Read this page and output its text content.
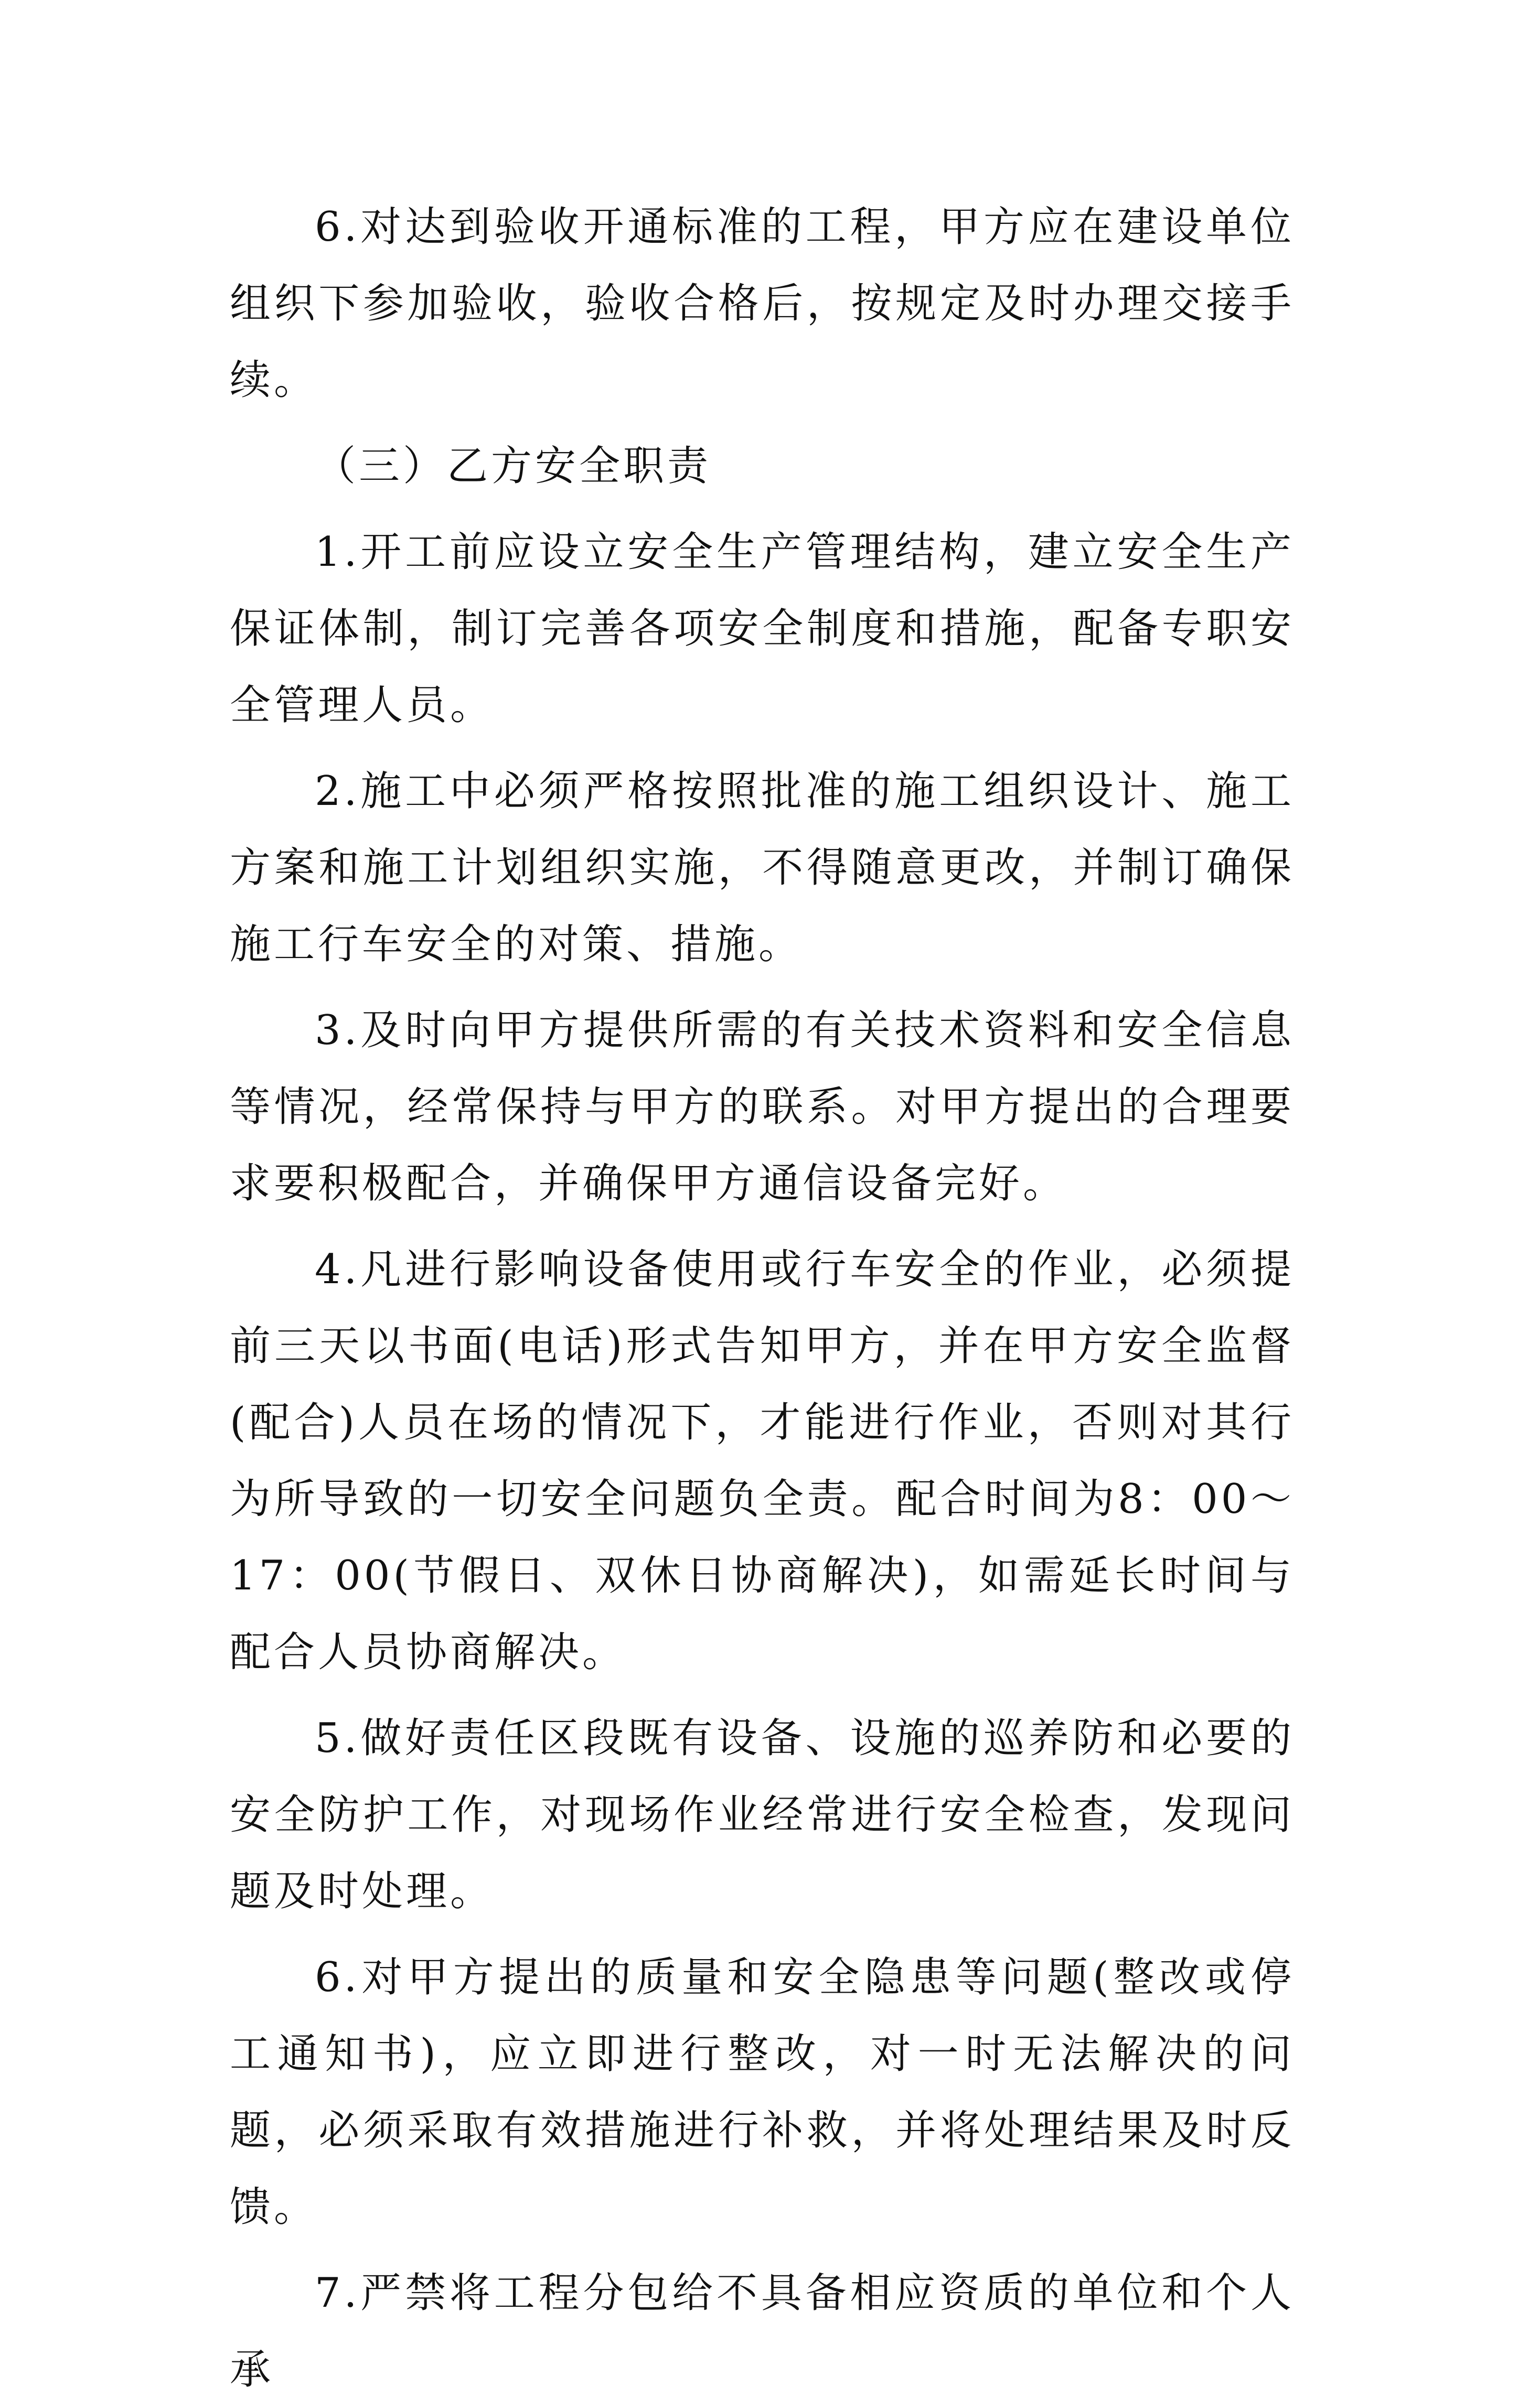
6.对达到验收开通标准的工程，甲方应在建设单位组织下参加验收，验收合格后，按规定及时办理交接手续。

（三）乙方安全职责

1.开工前应设立安全生产管理结构，建立安全生产保证体制，制订完善各项安全制度和措施，配备专职安全管理人员。

2.施工中必须严格按照批准的施工组织设计、施工方案和施工计划组织实施，不得随意更改，并制订确保施工行车安全的对策、措施。

3.及时向甲方提供所需的有关技术资料和安全信息等情况，经常保持与甲方的联系。对甲方提出的合理要求要积极配合，并确保甲方通信设备完好。

4.凡进行影响设备使用或行车安全的作业，必须提前三天以书面(电话)形式告知甲方，并在甲方安全监督(配合)人员在场的情况下，才能进行作业，否则对其行为所导致的一切安全问题负全责。配合时间为8：00～17：00(节假日、双休日协商解决)，如需延长时间与配合人员协商解决。

5.做好责任区段既有设备、设施的巡养防和必要的安全防护工作，对现场作业经常进行安全检查，发现问题及时处理。

6.对甲方提出的质量和安全隐患等问题(整改或停工通知书)，应立即进行整改，对一时无法解决的问题，必须采取有效措施进行补救，并将处理结果及时反馈。

7.严禁将工程分包给不具备相应资质的单位和个人承
